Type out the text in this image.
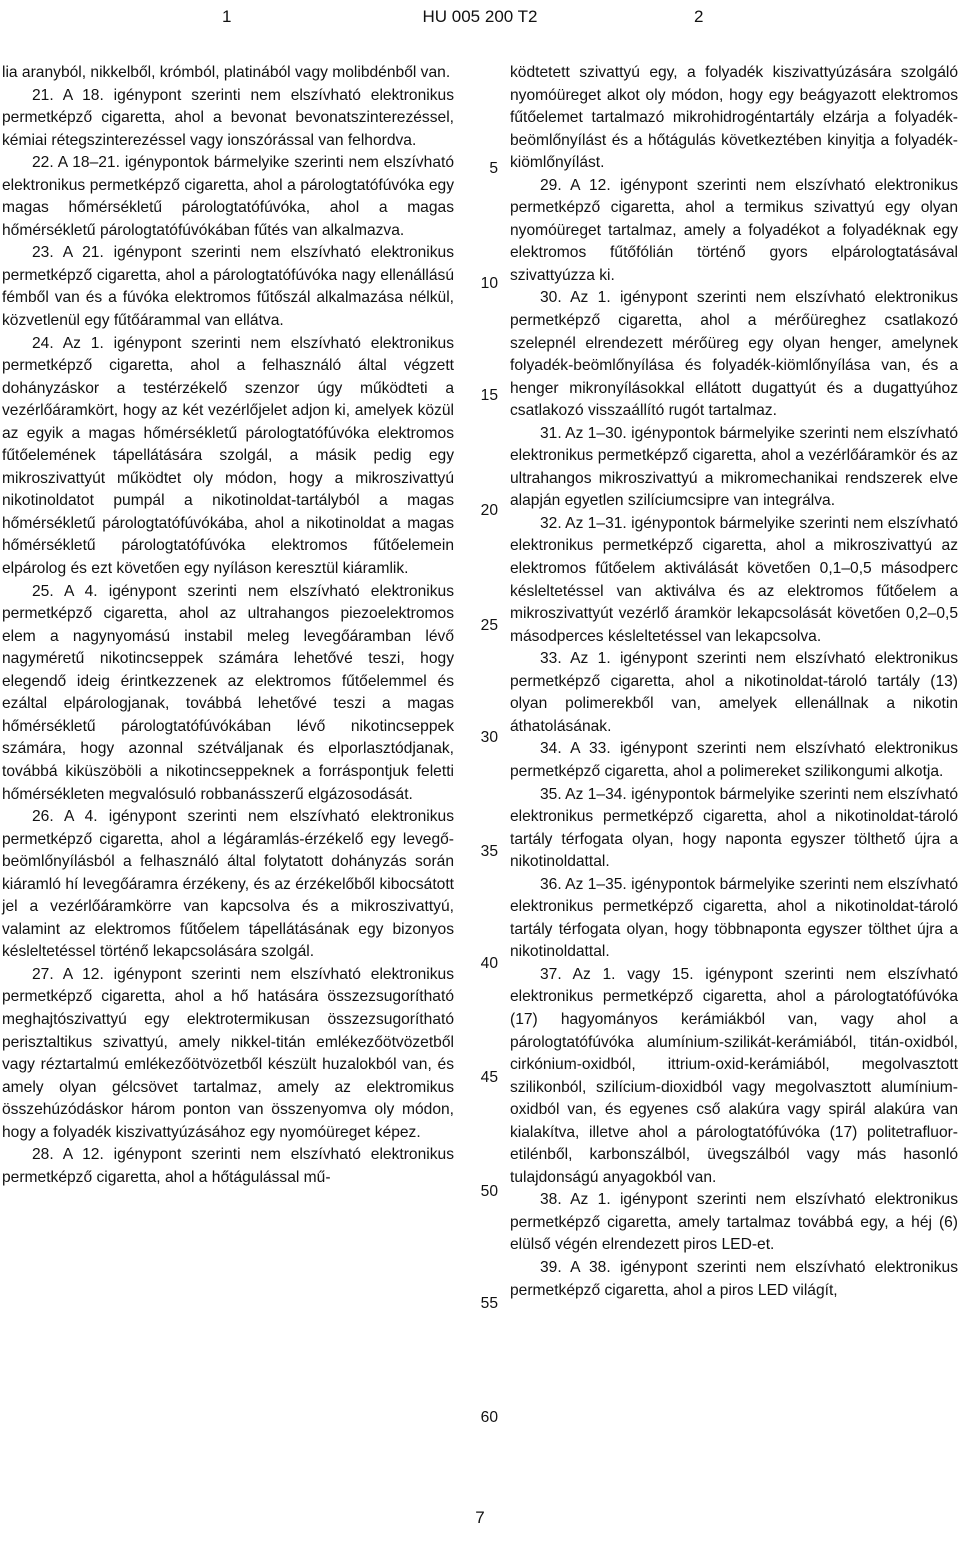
1	HU 005 200 T2	2

lia aranyból, nikkelből, krómból, platinából vagy molibdénből van.

21. A 18. igénypont szerinti nem elszívható elektronikus permetképző cigaretta, ahol a bevonat bevonatszinterezéssel, kémiai rétegszinterezéssel vagy ionszórással van felhordva.

22. A 18–21. igénypontok bármelyike szerinti nem elszívható elektronikus permetképző cigaretta, ahol a párologtatófúvóka egy magas hőmérsékletű párologtatófúvóka, ahol a magas hőmérsékletű párologtatófúvókában fűtés van alkalmazva.

23. A 21. igénypont szerinti nem elszívható elektronikus permetképző cigaretta, ahol a párologtatófúvóka nagy ellenállású fémből van és a fúvóka elektromos fűtőszál alkalmazása nélkül, közvetlenül egy fűtőárammal van ellátva.

24. Az 1. igénypont szerinti nem elszívható elektronikus permetképző cigaretta, ahol a felhasználó által végzett dohányzáskor a testérzékelő szenzor úgy működteti a vezérlőáramkört, hogy az két vezérlőjelet adjon ki, amelyek közül az egyik a magas hőmérsékletű párologtatófúvóka elektromos fűtőelemének tápellátására szolgál, a másik pedig egy mikroszivattyút működtet oly módon, hogy a mikroszivattyú nikotinoldatot pumpál a nikotinoldat-tartályból a magas hőmérsékletű párologtatófúvókába, ahol a nikotinoldat a magas hőmérsékletű párologtatófúvóka elektromos fűtőelemein elpárolog és ezt követően egy nyíláson keresztül kiáramlik.

25. A 4. igénypont szerinti nem elszívható elektronikus permetképző cigaretta, ahol az ultrahangos piezoelektromos elem a nagynyomású instabil meleg levegőáramban lévő nagyméretű nikotincseppek számára lehetővé teszi, hogy elegendő ideig érintkezzenek az elektromos fűtőelemmel és ezáltal elpárologjanak, továbbá lehetővé teszi a magas hőmérsékletű párologtatófúvókában lévő nikotincseppek számára, hogy azonnal szétváljanak és elporlasztódjanak, továbbá kiküszöböli a nikotincseppeknek a forráspontjuk feletti hőmérsékleten megvalósuló robbanásszerű elgázosodását.

26. A 4. igénypont szerinti nem elszívható elektronikus permetképző cigaretta, ahol a légáramlás-érzékelő egy levegő-beömlőnyílásból a felhasználó által folytatott dohányzás során kiáramló hí levegőáramra érzékeny, és az érzékelőből kibocsátott jel a vezérlőáramkörre van kapcsolva és a mikroszivattyú, valamint az elektromos fűtőelem tápellátásának egy bizonyos késleltetéssel történő lekapcsolására szolgál.

27. A 12. igénypont szerinti nem elszívható elektronikus permetképző cigaretta, ahol a hő hatására összezsugorítható meghajtószivattyú egy elektrotermikusan összezsugorítható perisztaltikus szivattyú, amely nikkel-titán emlékezőötvözetből vagy réztartalmú emlékezőötvözetből készült huzalokból van, és amely olyan gélcsövet tartalmaz, amely az elektromikus összehúzódáskor három ponton van összenyomva oly módon, hogy a folyadék kiszivattyúzásához egy nyomóüreget képez.

28. A 12. igénypont szerinti nem elszívható elektronikus permetképző cigaretta, ahol a hőtágulással mű-

5
10
15
20
25
30
35
40
45
50
55
60

ködtetett szivattyú egy, a folyadék kiszivattyúzására szolgáló nyomóüreget alkot oly módon, hogy egy beágyazott elektromos fűtőelemet tartalmazó mikrohidrogéntartály elzárja a folyadék-beömlőnyílást és a hőtágulás következtében kinyitja a folyadék-kiömlőnyílást.

29. A 12. igénypont szerinti nem elszívható elektronikus permetképző cigaretta, ahol a termikus szivattyú egy olyan nyomóüreget tartalmaz, amely a folyadékot a folyadéknak egy elektromos fűtőfólián történő gyors elpárologtatásával szivattyúzza ki.

30. Az 1. igénypont szerinti nem elszívható elektronikus permetképző cigaretta, ahol a mérőüreghez csatlakozó szelepnél elrendezett mérőüreg egy olyan henger, amelynek folyadék-beömlőnyílása és folyadék-kiömlőnyílása van, és a henger mikronyílásokkal ellátott dugattyút és a dugattyúhoz csatlakozó visszaállító rugót tartalmaz.

31. Az 1–30. igénypontok bármelyike szerinti nem elszívható elektronikus permetképző cigaretta, ahol a vezérlőáramkör és az ultrahangos mikroszivattyú a mikromechanikai rendszerek elve alapján egyetlen szilíciumcsipre van integrálva.

32. Az 1–31. igénypontok bármelyike szerinti nem elszívható elektronikus permetképző cigaretta, ahol a mikroszivattyú az elektromos fűtőelem aktiválását követően 0,1–0,5 másodperc késleltetéssel van aktiválva és az elektromos fűtőelem a mikroszivattyút vezérlő áramkör lekapcsolását követően 0,2–0,5 másodperces késleltetéssel van lekapcsolva.

33. Az 1. igénypont szerinti nem elszívható elektronikus permetképző cigaretta, ahol a nikotinoldat-tároló tartály (13) olyan polimerekből van, amelyek ellenállnak a nikotin áthatolásának.

34. A 33. igénypont szerinti nem elszívható elektronikus permetképző cigaretta, ahol a polimereket szilikongumi alkotja.

35. Az 1–34. igénypontok bármelyike szerinti nem elszívható elektronikus permetképző cigaretta, ahol a nikotinoldat-tároló tartály térfogata olyan, hogy naponta egyszer tölthető újra a nikotinoldattal.

36. Az 1–35. igénypontok bármelyike szerinti nem elszívható elektronikus permetképző cigaretta, ahol a nikotinoldat-tároló tartály térfogata olyan, hogy többnaponta egyszer tölthet újra a nikotinoldattal.

37. Az 1. vagy 15. igénypont szerinti nem elszívható elektronikus permetképző cigaretta, ahol a párologtatófúvóka (17) hagyományos kerámiákból van, vagy ahol a párologtatófúvóka alumínium-szilikát-kerámiából, titán-oxidból, cirkónium-oxidból, ittrium-oxid-kerámiából, megolvasztott szilikonból, szilícium-dioxidból vagy megolvasztott alumínium-oxidból van, és egyenes cső alakúra vagy spirál alakúra van kialakítva, illetve ahol a párologtatófúvóka (17) politetrafluor-etilénből, karbonszálból, üvegszálból vagy más hasonló tulajdonságú anyagokból van.

38. Az 1. igénypont szerinti nem elszívható elektronikus permetképző cigaretta, amely tartalmaz továbbá egy, a héj (6) elülső végén elrendezett piros LED-et.

39. A 38. igénypont szerinti nem elszívható elektronikus permetképző cigaretta, ahol a piros LED világít,

7
